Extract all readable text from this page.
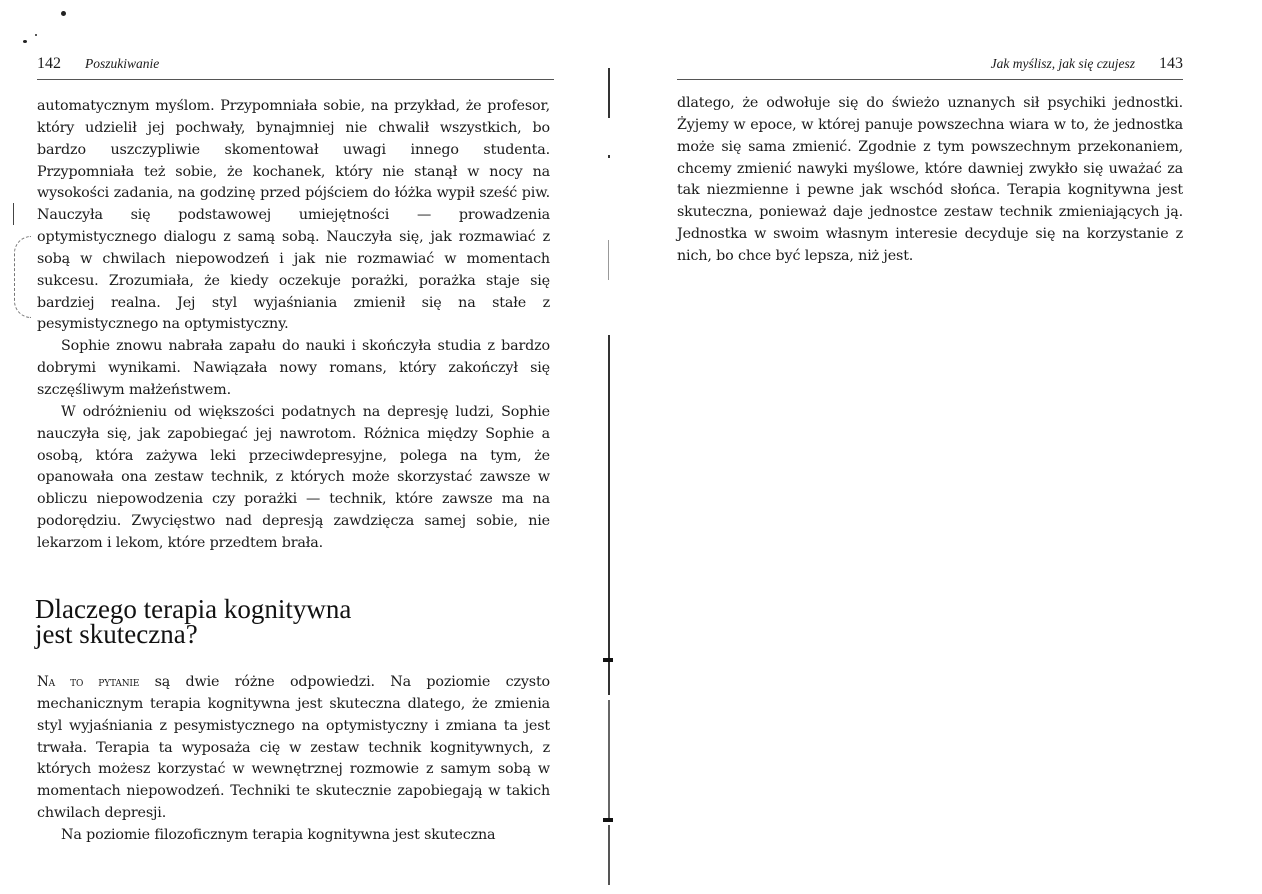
142 Poszukiwanie

automatycznym myślom. Przypomniała sobie, na przykład, że profesor, który udzielił jej pochwały, bynajmniej nie chwalił wszystkich, bo bardzo uszczypliwie skomentował uwagi innego studenta. Przypomniała też sobie, że kochanek, który nie stanął w nocy na wysokości zadania, na godzinę przed pójściem do łóżka wypił sześć piw. Nauczyła się podstawowej umiejętności — prowadzenia optymistycznego dialogu z samą sobą. Nauczyła się, jak rozmawiać z sobą w chwilach niepowodzeń i jak nie rozmawiać w momentach sukcesu. Zrozumiała, że kiedy oczekuje porażki, porażka staje się bardziej realna. Jej styl wyjaśniania zmienił się na stałe z pesymistycznego na optymistyczny.

Sophie znowu nabrała zapału do nauki i skończyła studia z bardzo dobrymi wynikami. Nawiązała nowy romans, który zakończył się szczęśliwym małżeństwem.

W odróżnieniu od większości podatnych na depresję ludzi, Sophie nauczyła się, jak zapobiegać jej nawrotom. Różnica między Sophie a osobą, która zażywa leki przeciwdepresyjne, polega na tym, że opanowała ona zestaw technik, z których może skorzystać zawsze w obliczu niepowodzenia czy porażki — technik, które zawsze ma na podorędziu. Zwycięstwo nad depresją zawdzięcza samej sobie, nie lekarzom i lekom, które przedtem brała.

Dlaczego terapia kognitywna
jest skuteczna?

Na to pytanie są dwie różne odpowiedzi. Na poziomie czysto mechanicznym terapia kognitywna jest skuteczna dlatego, że zmienia styl wyjaśniania z pesymistycznego na optymistyczny i zmiana ta jest trwała. Terapia ta wyposaża cię w zestaw technik kognitywnych, z których możesz korzystać w wewnętrznej rozmowie z samym sobą w momentach niepowodzeń. Techniki te skutecznie zapobiegają w takich chwilach depresji.

Na poziomie filozoficznym terapia kognitywna jest skuteczna

Jak myślisz, jak się czujesz 143

dlatego, że odwołuje się do świeżo uznanych sił psychiki jednostki. Żyjemy w epoce, w której panuje powszechna wiara w to, że jednostka może się sama zmienić. Zgodnie z tym powszechnym przekonaniem, chcemy zmienić nawyki myślowe, które dawniej zwykło się uważać za tak niezmienne i pewne jak wschód słońca. Terapia kognitywna jest skuteczna, ponieważ daje jednostce zestaw technik zmieniających ją. Jednostka w swoim własnym interesie decyduje się na korzystanie z nich, bo chce być lepsza, niż jest.
